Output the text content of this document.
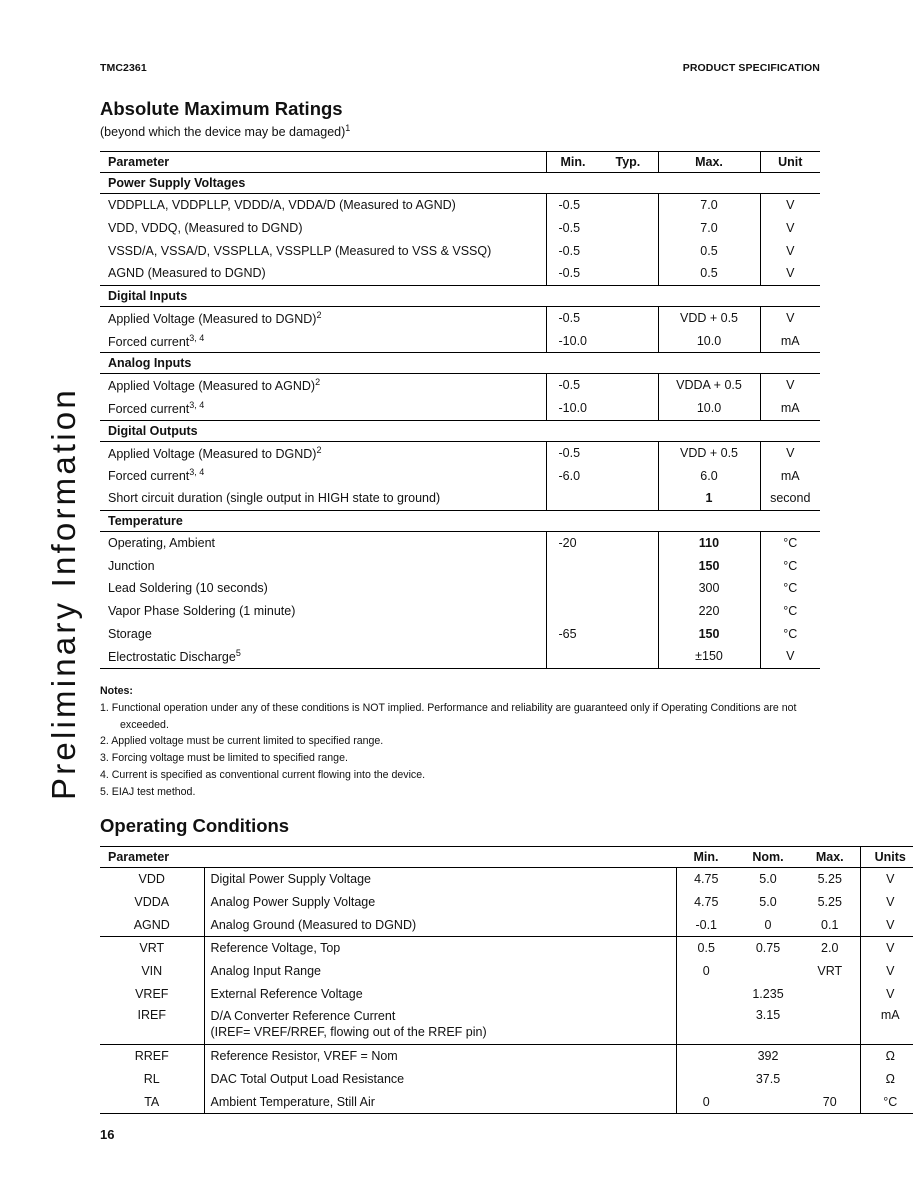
TMC2361	PRODUCT SPECIFICATION
Preliminary Information
Absolute Maximum Ratings
(beyond which the device may be damaged)$^1$
Parameter	Min. Typ.	Max.	Unit
Power Supply Voltages			
VDDPLLA, VDDPLLP, VDDD/A, VDDA/D (Measured to AGND)	-0.5	7.0	V
VDD, VDDQ, (Measured to DGND)	-0.5	7.0	V
VSSD/A, VSSA/D, VSSPLLA, VSSPLLP (Measured to VSS & VSSQ)	-0.5	0.5	V
AGND (Measured to DGND)	-0.5	0.5	V
Digital Inputs			
Applied Voltage (Measured to DGND)$^2$	-0.5	VDD + 0.5	V
Forced current$^{3, 4}$	-10.0	10.0	mA
Analog Inputs			
Applied Voltage (Measured to AGND)$^2$	-0.5	VDDA + 0.5	V
Forced current$^{3, 4}$	-10.0	10.0	mA
Digital Outputs			
Applied Voltage (Measured to DGND)$^2$	-0.5	VDD + 0.5	V
Forced current$^{3, 4}$	-6.0	6.0	mA
Short circuit duration (single output in HIGH state to ground)		1	second
Temperature			
Operating, Ambient	-20	110	°C
Junction		150	°C
Lead Soldering (10 seconds)		300	°C
Vapor Phase Soldering (1 minute)		220	°C
Storage	-65	150	°C
Electrostatic Discharge$^5$		±150	V
Notes:
1. Functional operation under any of these conditions is NOT implied. Performance and reliability are guaranteed only if Operating Conditions are not exceeded.
2. Applied voltage must be current limited to specified range.
3. Forcing voltage must be limited to specified range.
4. Current is specified as conventional current flowing into the device.
5. EIAJ test method.
Operating Conditions
Parameter		Min.	Nom.	Max.	Units
VDD	Digital Power Supply Voltage	4.75	5.0	5.25	V
VDDA	Analog Power Supply Voltage	4.75	5.0	5.25	V
AGND	Analog Ground (Measured to DGND)	-0.1	0	0.1	V
VRT	Reference Voltage, Top	0.5	0.75	2.0	V
VIN	Analog Input Range	0		VRT	V
VREF	External Reference Voltage		1.235		V
IREF	D/A Converter Reference Current
(IREF= VREF/RREF, flowing out of the RREF pin)		3.15		mA
RREF	Reference Resistor, VREF = Nom		392		Ω
RL	DAC Total Output Load Resistance		37.5		Ω
TA	Ambient Temperature, Still Air	0		70	°C
16
